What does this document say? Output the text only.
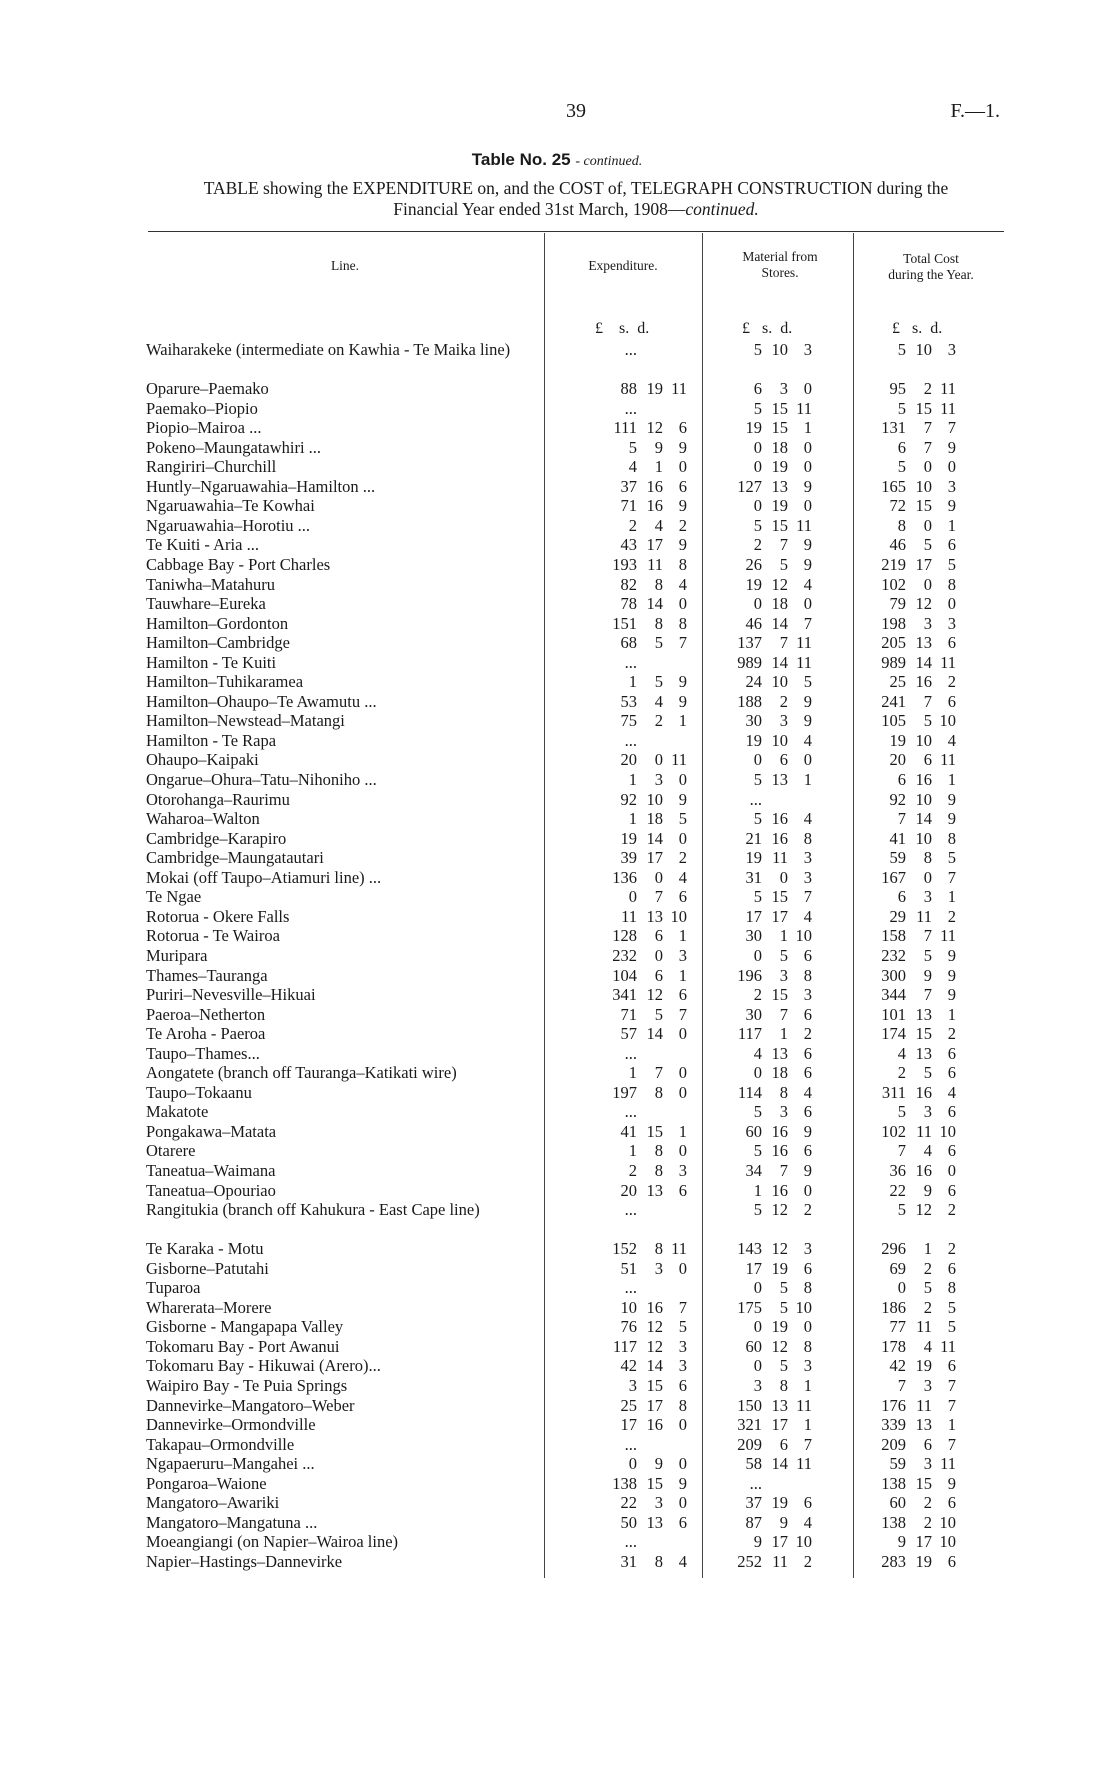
39	F.—1.
Table No. 25 - continued.
TABLE showing the EXPENDITURE on, and the COST of, TELEGRAPH CONSTRUCTION during the
Financial Year ended 31st March, 1908—continued.
Line.	Expenditure.
Material from
Stores.
Total Cost
during the Year.
£ s. d.	£ s. d.	£ s. d.
Waiharakeke (intermediate on Kawhia - Te Maika line)	...	5 10 3	5 10 3
Oparure–Paemako	88 19 11	6 3 0	95 2 11
Paemako–Piopio	...	5 15 11	5 15 11
Piopio–Mairoa ...	111 12 6	19 15 1	131 7 7
Pokeno–Maungatawhiri ...	5 9 9	0 18 0	6 7 9
Rangiriri–Churchill	4 1 0	0 19 0	5 0 0
Huntly–Ngaruawahia–Hamilton ...	37 16 6	127 13 9	165 10 3
Ngaruawahia–Te Kowhai	71 16 9	0 19 0	72 15 9
Ngaruawahia–Horotiu ...	2 4 2	5 15 11	8 0 1
Te Kuiti - Aria ...	43 17 9	2 7 9	46 5 6
Cabbage Bay - Port Charles	193 11 8	26 5 9	219 17 5
Taniwha–Matahuru	82 8 4	19 12 4	102 0 8
Tauwhare–Eureka	78 14 0	0 18 0	79 12 0
Hamilton–Gordonton	151 8 8	46 14 7	198 3 3
Hamilton–Cambridge	68 5 7	137 7 11	205 13 6
Hamilton - Te Kuiti	...	989 14 11	989 14 11
Hamilton–Tuhikaramea	1 5 9	24 10 5	25 16 2
Hamilton–Ohaupo–Te Awamutu ...	53 4 9	188 2 9	241 7 6
Hamilton–Newstead–Matangi	75 2 1	30 3 9	105 5 10
Hamilton - Te Rapa	...	19 10 4	19 10 4
Ohaupo–Kaipaki	20 0 11	0 6 0	20 6 11
Ongarue–Ohura–Tatu–Nihoniho ...	1 3 0	5 13 1	6 16 1
Otorohanga–Raurimu	92 10 9	...	92 10 9
Waharoa–Walton	1 18 5	5 16 4	7 14 9
Cambridge–Karapiro	19 14 0	21 16 8	41 10 8
Cambridge–Maungatautari	39 17 2	19 11 3	59 8 5
Mokai (off Taupo–Atiamuri line) ...	136 0 4	31 0 3	167 0 7
Te Ngae	0 7 6	5 15 7	6 3 1
Rotorua - Okere Falls	11 13 10	17 17 4	29 11 2
Rotorua - Te Wairoa	128 6 1	30 1 10	158 7 11
Muripara	232 0 3	0 5 6	232 5 9
Thames–Tauranga	104 6 1	196 3 8	300 9 9
Puriri–Nevesville–Hikuai	341 12 6	2 15 3	344 7 9
Paeroa–Netherton	71 5 7	30 7 6	101 13 1
Te Aroha - Paeroa	57 14 0	117 1 2	174 15 2
Taupo–Thames...	...	4 13 6	4 13 6
Aongatete (branch off Tauranga–Katikati wire)	1 7 0	0 18 6	2 5 6
Taupo–Tokaanu	197 8 0	114 8 4	311 16 4
Makatote	...	5 3 6	5 3 6
Pongakawa–Matata	41 15 1	60 16 9	102 11 10
Otarere	1 8 0	5 16 6	7 4 6
Taneatua–Waimana	2 8 3	34 7 9	36 16 0
Taneatua–Opouriao	20 13 6	1 16 0	22 9 6
Rangitukia (branch off Kahukura - East Cape line)	...	5 12 2	5 12 2
Te Karaka - Motu	152 8 11	143 12 3	296 1 2
Gisborne–Patutahi	51 3 0	17 19 6	69 2 6
Tuparoa	...	0 5 8	0 5 8
Wharerata–Morere	10 16 7	175 5 10	186 2 5
Gisborne - Mangapapa Valley	76 12 5	0 19 0	77 11 5
Tokomaru Bay - Port Awanui	117 12 3	60 12 8	178 4 11
Tokomaru Bay - Hikuwai (Arero)...	42 14 3	0 5 3	42 19 6
Waipiro Bay - Te Puia Springs	3 15 6	3 8 1	7 3 7
Dannevirke–Mangatoro–Weber	25 17 8	150 13 11	176 11 7
Dannevirke–Ormondville	17 16 0	321 17 1	339 13 1
Takapau–Ormondville	...	209 6 7	209 6 7
Ngapaeruru–Mangahei ...	0 9 0	58 14 11	59 3 11
Pongaroa–Waione	138 15 9	...	138 15 9
Mangatoro–Awariki	22 3 0	37 19 6	60 2 6
Mangatoro–Mangatuna ...	50 13 6	87 9 4	138 2 10
Moeangiangi (on Napier–Wairoa line)	...	9 17 10	9 17 10
Napier–Hastings–Dannevirke	31 8 4	252 11 2	283 19 6
